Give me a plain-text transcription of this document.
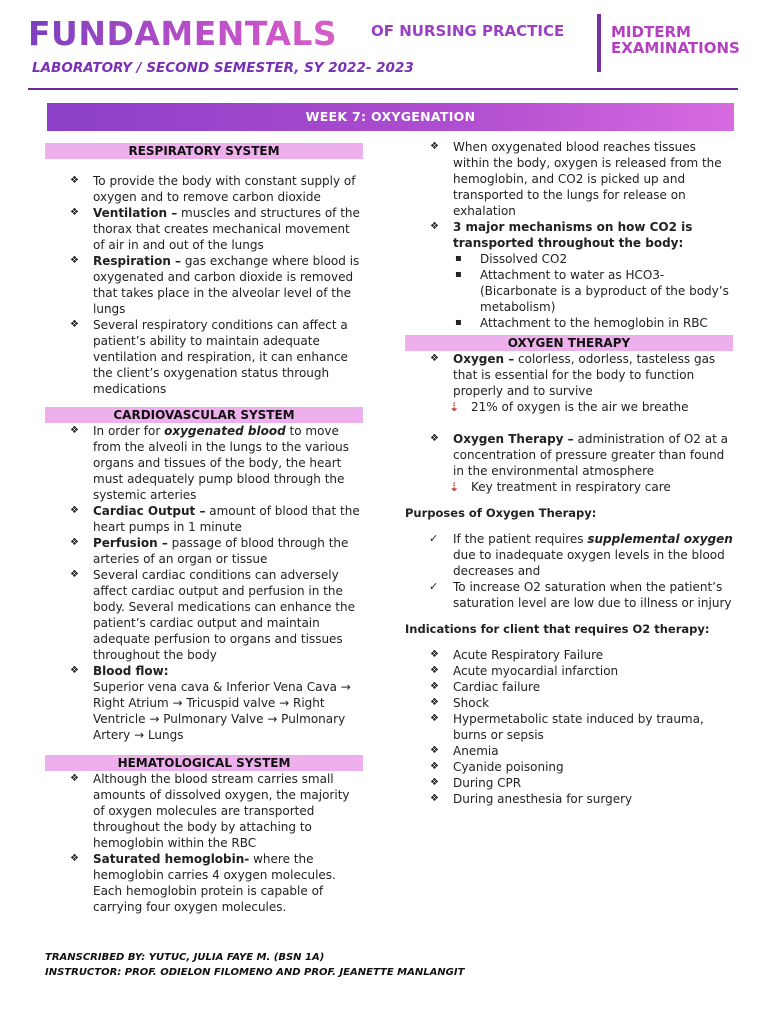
FUNDAMENTALS OF NURSING PRACTICE	MIDTERM
EXAMINATIONS
LABORATORY / SECOND SEMESTER, SY 2022- 2023
WEEK 7: OXYGENATION
RESPIRATORY SYSTEM
❖ To provide the body with constant supply of oxygen and to remove carbon dioxide
❖ Ventilation – muscles and structures of the thorax that creates mechanical movement of air in and out of the lungs
❖ Respiration – gas exchange where blood is oxygenated and carbon dioxide is removed that takes place in the alveolar level of the lungs
❖ Several respiratory conditions can affect a patient’s ability to maintain adequate ventilation and respiration, it can enhance the client’s oxygenation status through medications
CARDIOVASCULAR SYSTEM
❖ In order for oxygenated blood to move from the alveoli in the lungs to the various organs and tissues of the body, the heart must adequately pump blood through the systemic arteries
❖ Cardiac Output – amount of blood that the heart pumps in 1 minute
❖ Perfusion – passage of blood through the arteries of an organ or tissue
❖ Several cardiac conditions can adversely affect cardiac output and perfusion in the body. Several medications can enhance the patient’s cardiac output and maintain adequate perfusion to organs and tissues throughout the body
❖ Blood flow:
Superior vena cava & Inferior Vena Cava → Right Atrium → Tricuspid valve → Right Ventricle → Pulmonary Valve → Pulmonary Artery → Lungs
HEMATOLOGICAL SYSTEM
❖ Although the blood stream carries small amounts of dissolved oxygen, the majority of oxygen molecules are transported throughout the body by attaching to hemoglobin within the RBC
❖ Saturated hemoglobin- where the hemoglobin carries 4 oxygen molecules. Each hemoglobin protein is capable of carrying four oxygen molecules.
❖ When oxygenated blood reaches tissues within the body, oxygen is released from the hemoglobin, and CO2 is picked up and transported to the lungs for release on exhalation
❖ 3 major mechanisms on how CO2 is transported throughout the body:
▪ Dissolved CO2
▪ Attachment to water as HCO3- (Bicarbonate is a byproduct of the body’s metabolism)
▪ Attachment to the hemoglobin in RBC
OXYGEN THERAPY
❖ Oxygen – colorless, odorless, tasteless gas that is essential for the body to function properly and to survive
⇣ 21% of oxygen is the air we breathe
❖ Oxygen Therapy – administration of O2 at a concentration of pressure greater than found in the environmental atmosphere
⇣ Key treatment in respiratory care
Purposes of Oxygen Therapy:
✓ If the patient requires supplemental oxygen due to inadequate oxygen levels in the blood decreases and
✓ To increase O2 saturation when the patient’s saturation level are low due to illness or injury
Indications for client that requires O2 therapy:
❖ Acute Respiratory Failure
❖ Acute myocardial infarction
❖ Cardiac failure
❖ Shock
❖ Hypermetabolic state induced by trauma, burns or sepsis
❖ Anemia
❖ Cyanide poisoning
❖ During CPR
❖ During anesthesia for surgery
TRANSCRIBED BY: YUTUC, JULIA FAYE M. (BSN 1A)
INSTRUCTOR: PROF. ODIELON FILOMENO AND PROF. JEANETTE MANLANGIT
